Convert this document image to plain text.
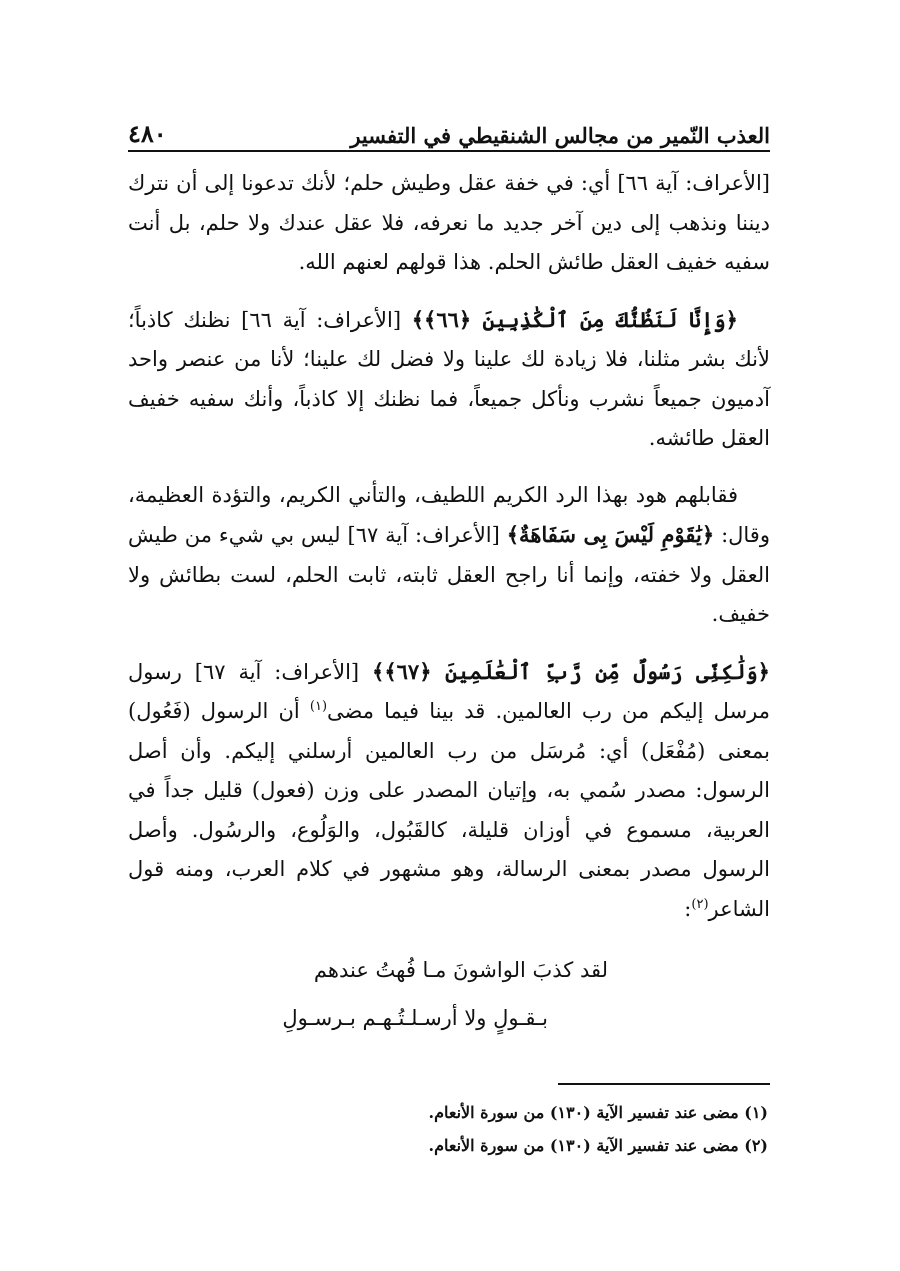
العذب النّمير من مجالس الشنقيطي في التفسير
٤٨٠

[الأعراف: آية ٦٦] أي: في خفة عقل وطيش حلم؛ لأنك تدعونا إلى أن نترك ديننا ونذهب إلى دين آخر جديد ما نعرفه، فلا عقل عندك ولا حلم، بل أنت سفيه خفيف العقل طائش الحلم. هذا قولهم لعنهم الله.

﴿وَإِنَّا لَنَظُنُّكَ مِنَ ٱلْكَٰذِبِينَ ﴿٦٦﴾﴾ [الأعراف: آية ٦٦] نظنك كاذباً؛ لأنك بشر مثلنا، فلا زيادة لك علينا ولا فضل لك علينا؛ لأنا من عنصر واحد آدميون جميعاً نشرب ونأكل جميعاً، فما نظنك إلا كاذباً، وأنك سفيه خفيف العقل طائشه.

فقابلهم هود بهذا الرد الكريم اللطيف، والتأني الكريم، والتؤدة العظيمة، وقال: ﴿يَٰقَوْمِ لَيْسَ بِى سَفَاهَةٌ﴾ [الأعراف: آية ٦٧] ليس بي شيء من طيش العقل ولا خفته، وإنما أنا راجح العقل ثابته، ثابت الحلم، لست بطائش ولا خفيف.

﴿وَلَٰكِنِّى رَسُولٌ مِّن رَّبِّ ٱلْعَٰلَمِينَ ﴿٦٧﴾﴾ [الأعراف: آية ٦٧] رسول مرسل إليكم من رب العالمين. قد بينا فيما مضى$^{(١)}$ أن الرسول (فَعُول) بمعنى (مُفْعَل) أي: مُرسَل من رب العالمين أرسلني إليكم. وأن أصل الرسول: مصدر سُمي به، وإتيان المصدر على وزن (فعول) قليل جداً في العربية، مسموع في أوزان قليلة، كالقَبُول، والوَلُوع، والرسُول. وأصل الرسول مصدر بمعنى الرسالة، وهو مشهور في كلام العرب، ومنه قول الشاعر$^{(٢)}$:

لقد كذبَ الواشونَ مـا فُهتُ عندهم
بـقـولٍ ولا أرسـلـتُـهـم بـرسـولِ
(١) مضى عند تفسير الآية (١٣٠) من سورة الأنعام.
(٢) مضى عند تفسير الآية (١٣٠) من سورة الأنعام.
